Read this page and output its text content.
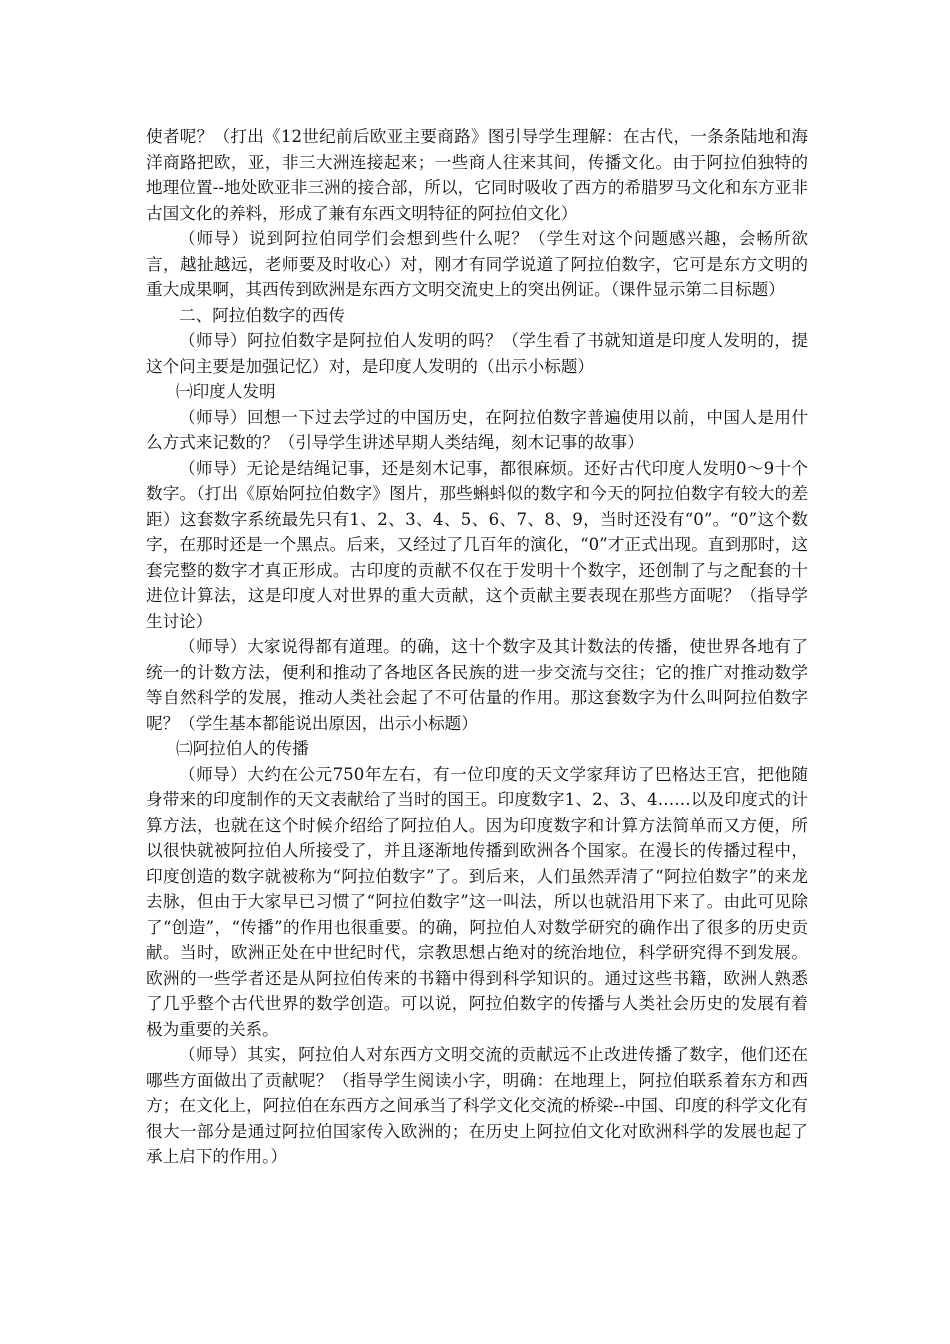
使者呢？（打出《12世纪前后欧亚主要商路》图引导学生理解：在古代，一条条陆地和海洋商路把欧，亚，非三大洲连接起来；一些商人往来其间，传播文化。由于阿拉伯独特的地理位置--地处欧亚非三洲的接合部，所以，它同时吸收了西方的希腊罗马文化和东方亚非古国文化的养料，形成了兼有东西文明特征的阿拉伯文化）

（师导）说到阿拉伯同学们会想到些什么呢？（学生对这个问题感兴趣，会畅所欲言，越扯越远，老师要及时收心）对，刚才有同学说道了阿拉伯数字，它可是东方文明的重大成果啊，其西传到欧洲是东西方文明交流史上的突出例证。（课件显示第二目标题）

二、阿拉伯数字的西传

（师导）阿拉伯数字是阿拉伯人发明的吗？（学生看了书就知道是印度人发明的，提这个问主要是加强记忆）对，是印度人发明的（出示小标题）

㈠印度人发明

（师导）回想一下过去学过的中国历史，在阿拉伯数字普遍使用以前，中国人是用什么方式来记数的？（引导学生讲述早期人类结绳，刻木记事的故事）

（师导）无论是结绳记事，还是刻木记事，都很麻烦。还好古代印度人发明0～9十个数字。（打出《原始阿拉伯数字》图片，那些蝌蚪似的数字和今天的阿拉伯数字有较大的差距）这套数字系统最先只有1、2、3、4、5、6、7、8、9，当时还没有“0”。“0”这个数字，在那时还是一个黑点。后来，又经过了几百年的演化，“0”才正式出现。直到那时，这套完整的数字才真正形成。古印度的贡献不仅在于发明十个数字，还创制了与之配套的十进位计算法，这是印度人对世界的重大贡献，这个贡献主要表现在那些方面呢？（指导学生讨论）

（师导）大家说得都有道理。的确，这十个数字及其计数法的传播，使世界各地有了统一的计数方法，便利和推动了各地区各民族的进一步交流与交往；它的推广对推动数学等自然科学的发展，推动人类社会起了不可估量的作用。那这套数字为什么叫阿拉伯数字呢？（学生基本都能说出原因，出示小标题）

㈡阿拉伯人的传播

（师导）大约在公元750年左右，有一位印度的天文学家拜访了巴格达王宫，把他随身带来的印度制作的天文表献给了当时的国王。印度数字1、2、3、4……以及印度式的计算方法，也就在这个时候介绍给了阿拉伯人。因为印度数字和计算方法简单而又方便，所以很快就被阿拉伯人所接受了，并且逐渐地传播到欧洲各个国家。在漫长的传播过程中，印度创造的数字就被称为“阿拉伯数字”了。到后来，人们虽然弄清了“阿拉伯数字”的来龙去脉，但由于大家早已习惯了“阿拉伯数字”这一叫法，所以也就沿用下来了。由此可见除了“创造”，“传播”的作用也很重要。的确，阿拉伯人对数学研究的确作出了很多的历史贡献。当时，欧洲正处在中世纪时代，宗教思想占绝对的统治地位，科学研究得不到发展。欧洲的一些学者还是从阿拉伯传来的书籍中得到科学知识的。通过这些书籍，欧洲人熟悉了几乎整个古代世界的数学创造。可以说，阿拉伯数字的传播与人类社会历史的发展有着极为重要的关系。

（师导）其实，阿拉伯人对东西方文明交流的贡献远不止改进传播了数字，他们还在哪些方面做出了贡献呢？（指导学生阅读小字，明确：在地理上，阿拉伯联系着东方和西方；在文化上，阿拉伯在东西方之间承当了科学文化交流的桥梁--中国、印度的科学文化有很大一部分是通过阿拉伯国家传入欧洲的；在历史上阿拉伯文化对欧洲科学的发展也起了承上启下的作用。）
